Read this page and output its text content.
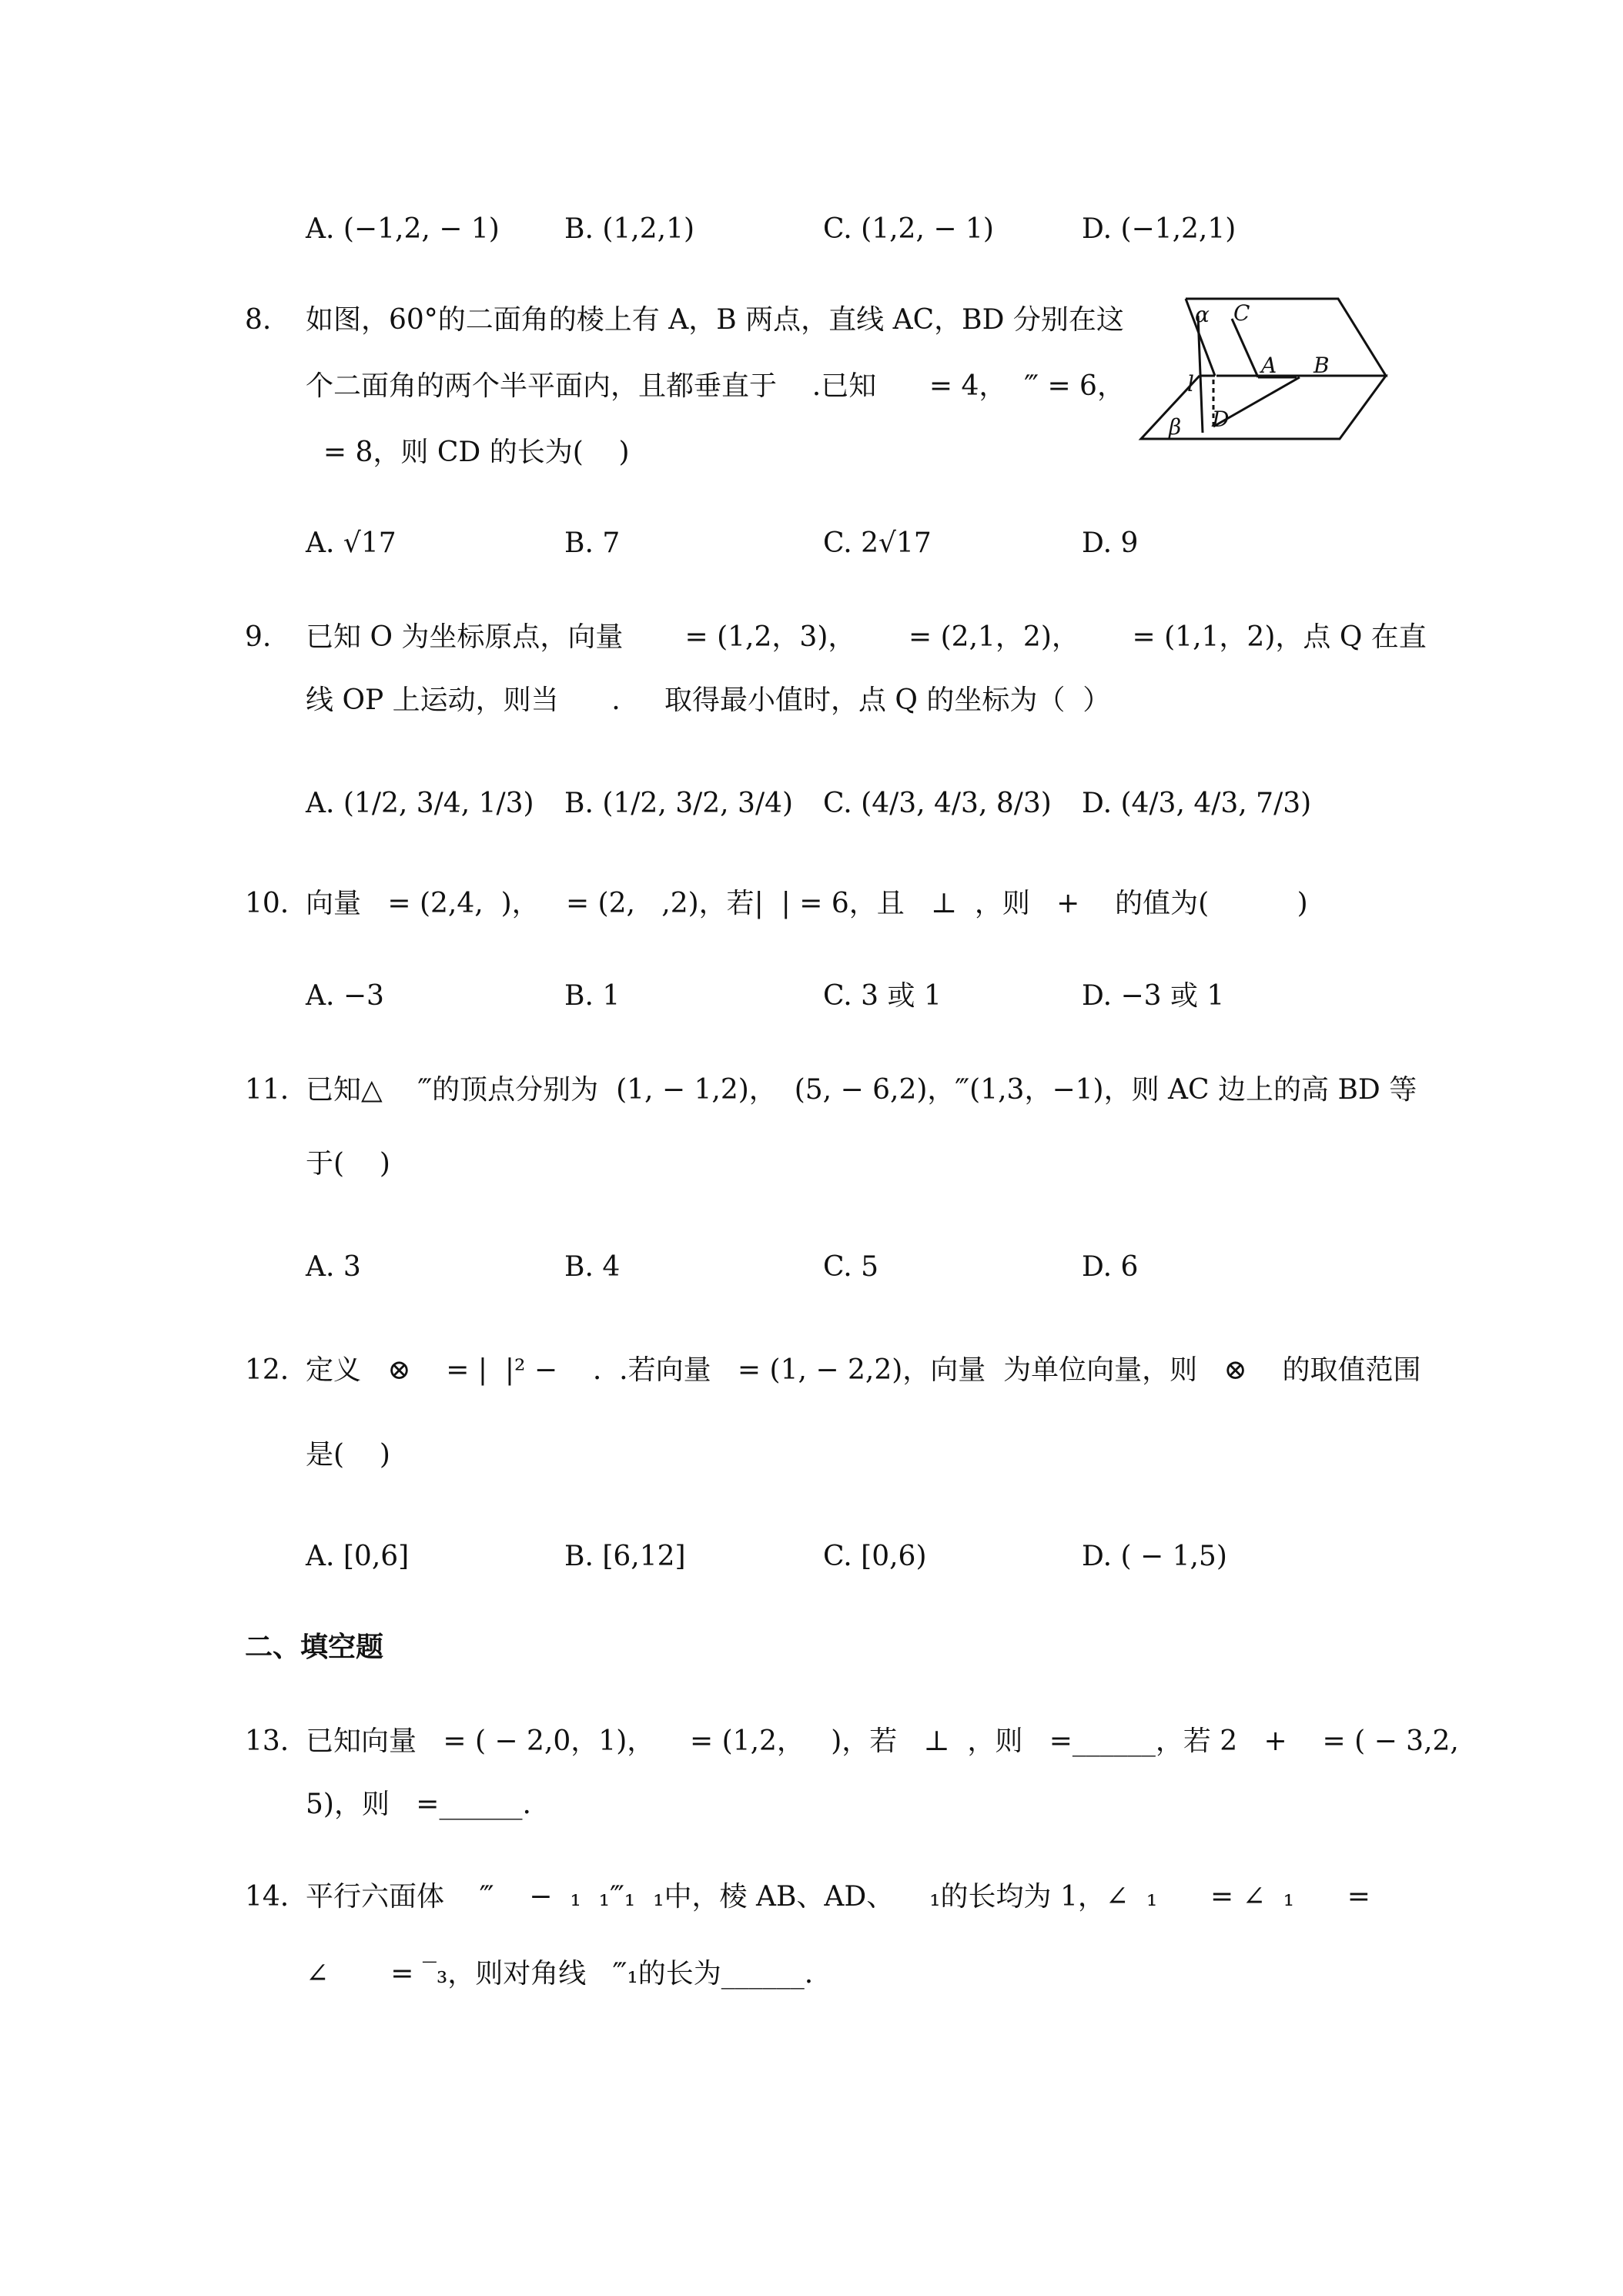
A. (−1,2, − 1) B. (1,2,1)	C. (1,2, − 1)	D. (−1,2,1)
8. 如图，60°的二面角的棱上有 A，B 两点，直线 AC，BD 分别在这
个二面角的两个半平面内，且都垂直于    .已知      = 4，  ‴ = 6，
= 8，则 CD 的长为(    )
α C
l
A B
β D
A. √17	B. 7	C. 2√17	D. 9
9. 已知 O 为坐标原点，向量       = (1,2，3)，      = (2,1，2)，      = (1,1，2)，点 Q 在直
线 OP 上运动，则当      .     取得最小值时，点 Q 的坐标为（  ）
A. (1/2, 3/4, 1/3) B. (1/2, 3/2, 3/4) C. (4/3, 4/3, 8/3) D. (4/3, 4/3, 7/3)
10. 向量   = (2,4,  )，   = (2,   ,2)，若|  | = 6，且   ⊥  ，则   +    的值为(          )
A. −3	B. 1	C. 3 或 1	D. −3 或 1
11. 已知△    ‴的顶点分别为  (1, − 1,2)，  (5, − 6,2)，‴(1,3，−1)，则 AC 边上的高 BD 等
于(    )
A. 3	B. 4	C. 5	D. 6
12. 定义   ⊗    = |  |² −    .  .若向量   = (1, − 2,2)，向量  为单位向量，则   ⊗    的取值范围
是(    )
A. [0,6]	B. [6,12]	C. [0,6)	D. ( − 1,5)
二、填空题
13. 已知向量   = ( − 2,0，1)，    = (1,2，   )，若   ⊥  ，则   =______，若 2   +    = ( − 3,2,
5)，则   =______.
14. 平行六面体    ‴    −  ₁  ₁‴₁  ₁中，棱 AB、AD、    ₁的长均为 1，∠  ₁      = ∠  ₁      =
∠       = ‾₃，则对角线   ‴₁的长为______.
